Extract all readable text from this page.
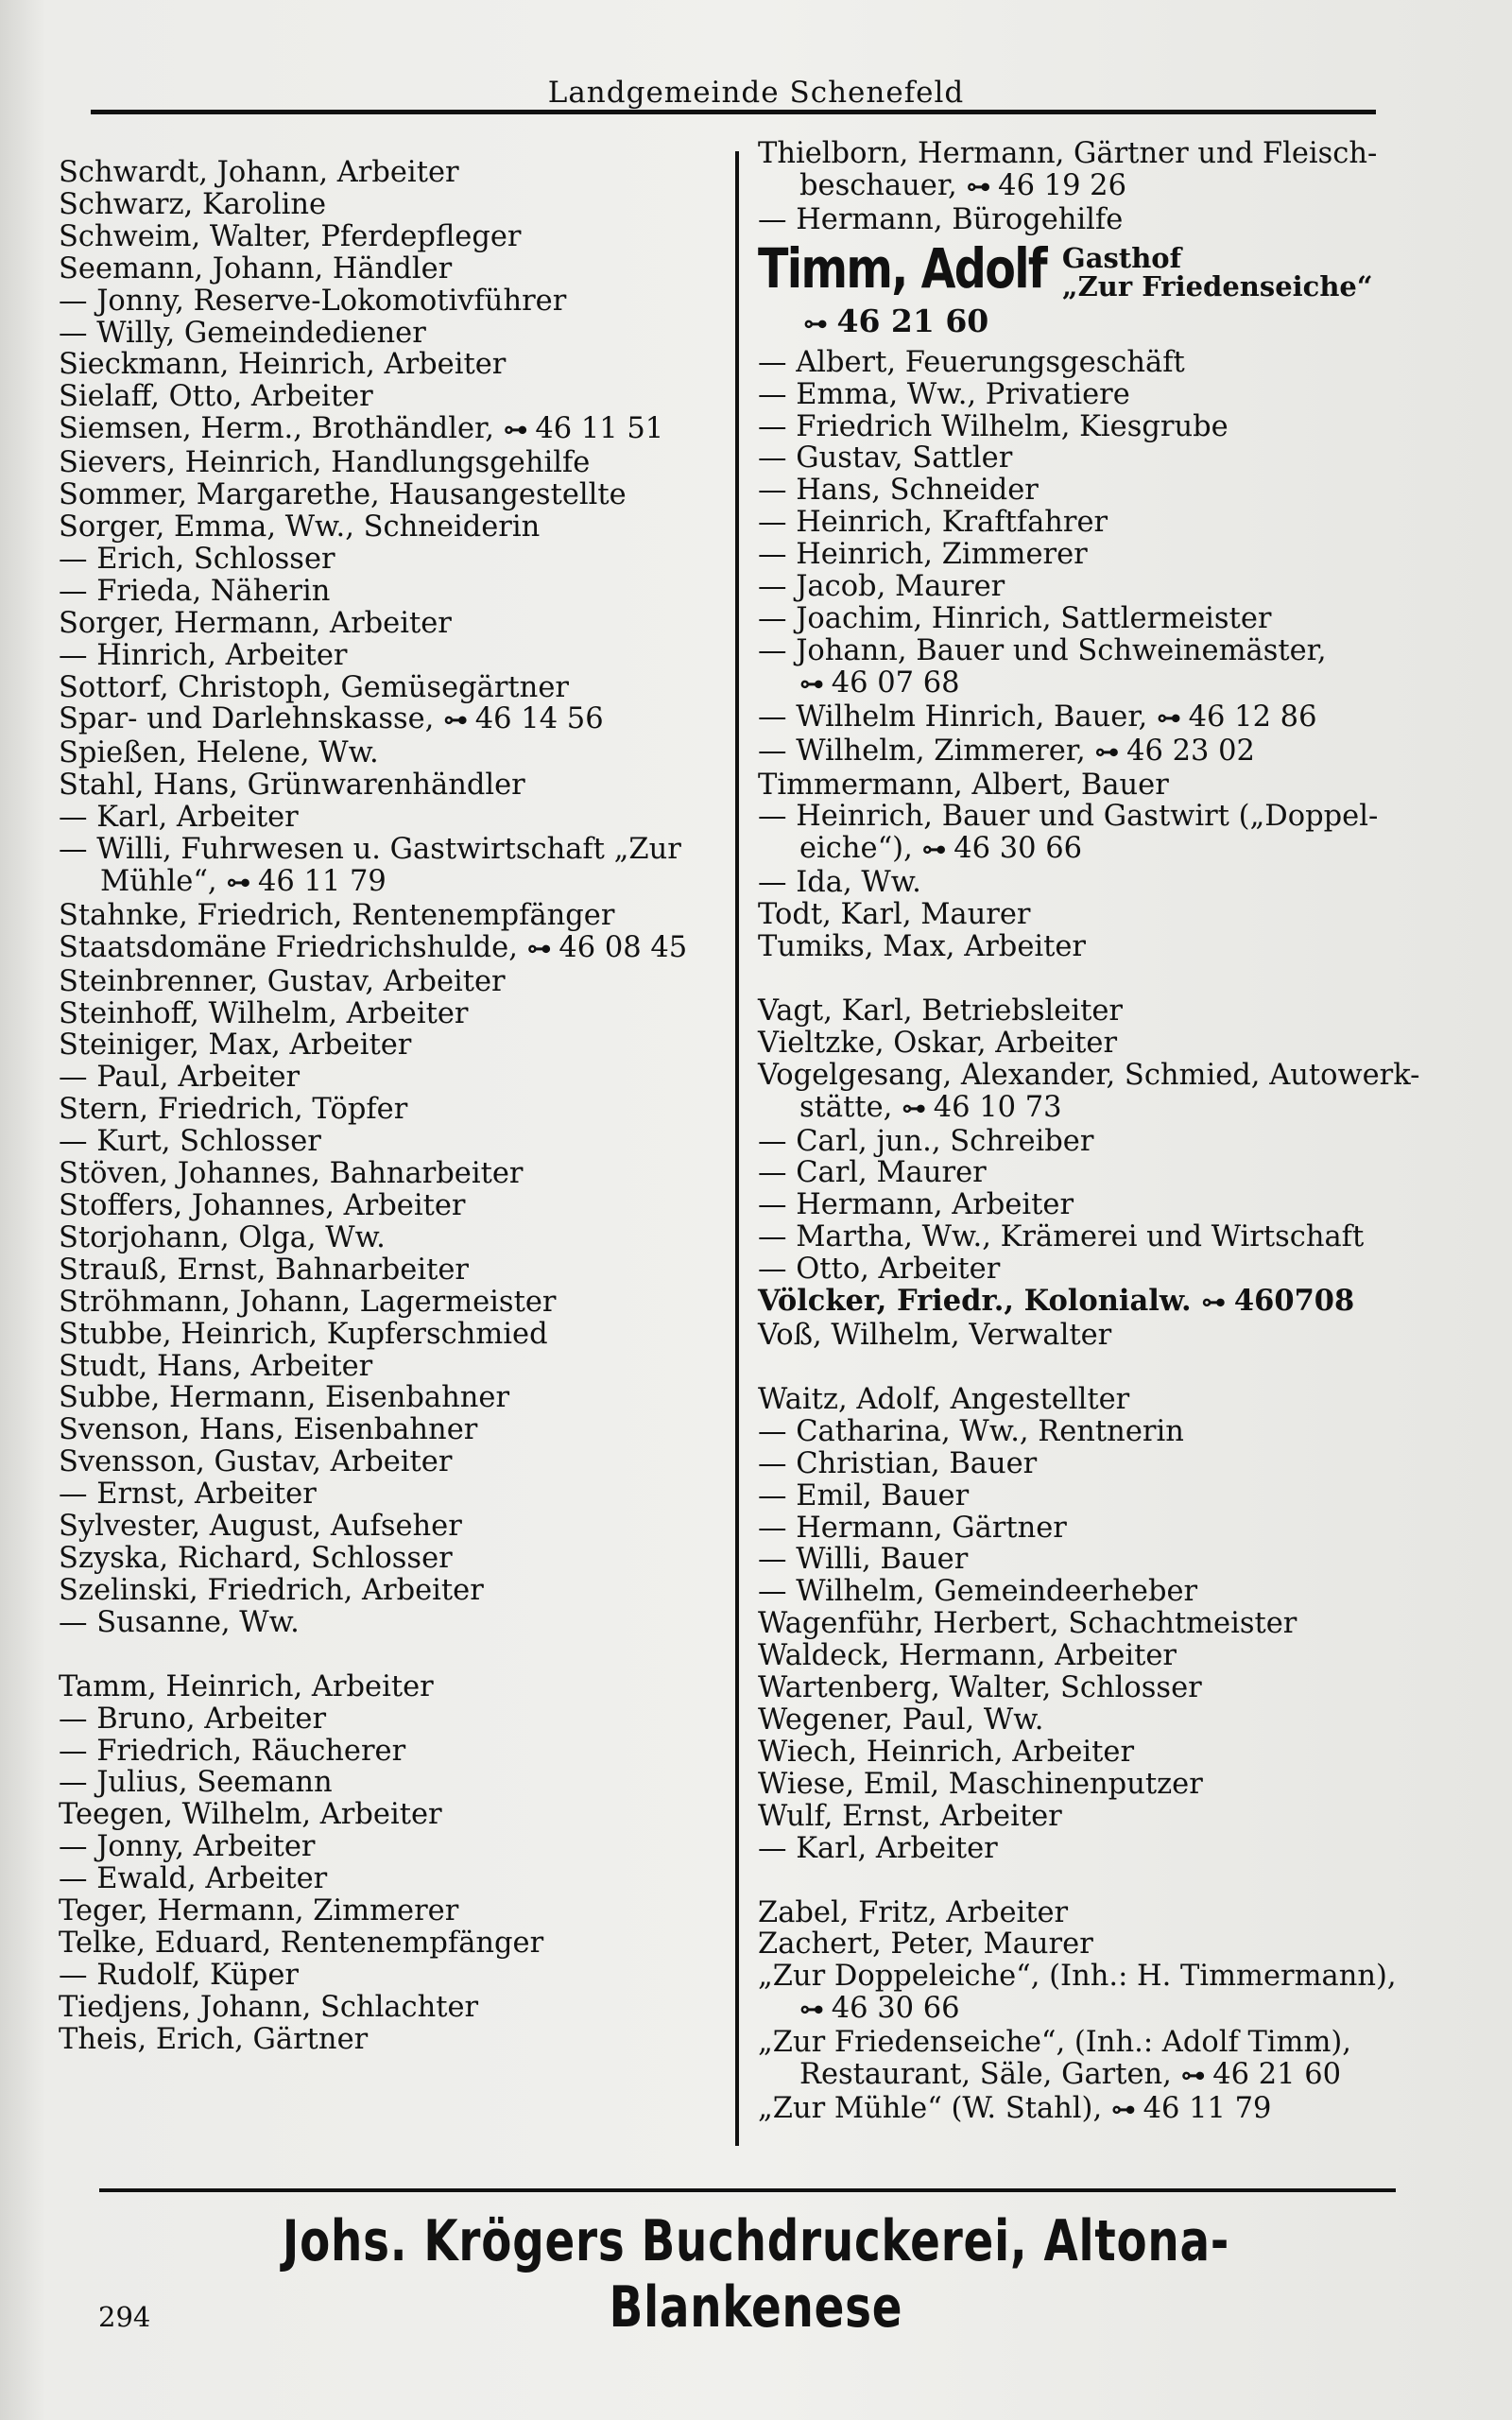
Landgemeinde Schenefeld

Schwardt, Johann, Arbeiter

Schwarz, Karoline

Schweim, Walter, Pferdepfleger

Seemann, Johann, Händler

— Jonny, Reserve-Lokomotivführer

— Willy, Gemeindediener

Sieckmann, Heinrich, Arbeiter

Sielaff, Otto, Arbeiter

Siemsen, Herm., Brothändler, ⊶ 46 11 51

Sievers, Heinrich, Handlungsgehilfe

Sommer, Margarethe, Hausangestellte

Sorger, Emma, Ww., Schneiderin

— Erich, Schlosser

— Frieda, Näherin

Sorger, Hermann, Arbeiter

— Hinrich, Arbeiter

Sottorf, Christoph, Gemüsegärtner

Spar- und Darlehnskasse, ⊶ 46 14 56

Spießen, Helene, Ww.

Stahl, Hans, Grünwarenhändler

— Karl, Arbeiter

— Willi, Fuhrwesen u. Gastwirtschaft „Zur

Mühle“, ⊶ 46 11 79

Stahnke, Friedrich, Rentenempfänger

Staatsdomäne Friedrichshulde, ⊶ 46 08 45

Steinbrenner, Gustav, Arbeiter

Steinhoff, Wilhelm, Arbeiter

Steiniger, Max, Arbeiter

— Paul, Arbeiter

Stern, Friedrich, Töpfer

— Kurt, Schlosser

Stöven, Johannes, Bahnarbeiter

Stoffers, Johannes, Arbeiter

Storjohann, Olga, Ww.

Strauß, Ernst, Bahnarbeiter

Ströhmann, Johann, Lagermeister

Stubbe, Heinrich, Kupferschmied

Studt, Hans, Arbeiter

Subbe, Hermann, Eisenbahner

Svenson, Hans, Eisenbahner

Svensson, Gustav, Arbeiter

— Ernst, Arbeiter

Sylvester, August, Aufseher

Szyska, Richard, Schlosser

Szelinski, Friedrich, Arbeiter

— Susanne, Ww.

Tamm, Heinrich, Arbeiter

— Bruno, Arbeiter

— Friedrich, Räucherer

— Julius, Seemann

Teegen, Wilhelm, Arbeiter

— Jonny, Arbeiter

— Ewald, Arbeiter

Teger, Hermann, Zimmerer

Telke, Eduard, Rentenempfänger

— Rudolf, Küper

Tiedjens, Johann, Schlachter

Theis, Erich, Gärtner

Thielborn, Hermann, Gärtner und Fleisch-

beschauer, ⊶ 46 19 26

— Hermann, Bürogehilfe

Timm, Adolf Gasthof
„Zur Friedenseiche“
⊶ 46 21 60

— Albert, Feuerungsgeschäft

— Emma, Ww., Privatiere

— Friedrich Wilhelm, Kiesgrube

— Gustav, Sattler

— Hans, Schneider

— Heinrich, Kraftfahrer

— Heinrich, Zimmerer

— Jacob, Maurer

— Joachim, Hinrich, Sattlermeister

— Johann, Bauer und Schweinemäster,

⊶ 46 07 68

— Wilhelm Hinrich, Bauer, ⊶ 46 12 86

— Wilhelm, Zimmerer, ⊶ 46 23 02

Timmermann, Albert, Bauer

— Heinrich, Bauer und Gastwirt („Doppel-

eiche“), ⊶ 46 30 66

— Ida, Ww.

Todt, Karl, Maurer

Tumiks, Max, Arbeiter

Vagt, Karl, Betriebsleiter

Vieltzke, Oskar, Arbeiter

Vogelgesang, Alexander, Schmied, Autowerk-

stätte, ⊶ 46 10 73

— Carl, jun., Schreiber

— Carl, Maurer

— Hermann, Arbeiter

— Martha, Ww., Krämerei und Wirtschaft

— Otto, Arbeiter

Völcker, Friedr., Kolonialw. ⊶ 460708

Voß, Wilhelm, Verwalter

Waitz, Adolf, Angestellter

— Catharina, Ww., Rentnerin

— Christian, Bauer

— Emil, Bauer

— Hermann, Gärtner

— Willi, Bauer

— Wilhelm, Gemeindeerheber

Wagenführ, Herbert, Schachtmeister

Waldeck, Hermann, Arbeiter

Wartenberg, Walter, Schlosser

Wegener, Paul, Ww.

Wiech, Heinrich, Arbeiter

Wiese, Emil, Maschinenputzer

Wulf, Ernst, Arbeiter

— Karl, Arbeiter

Zabel, Fritz, Arbeiter

Zachert, Peter, Maurer

„Zur Doppeleiche“, (Inh.: H. Timmermann),

⊶ 46 30 66

„Zur Friedenseiche“, (Inh.: Adolf Timm),

Restaurant, Säle, Garten, ⊶ 46 21 60

„Zur Mühle“ (W. Stahl), ⊶ 46 11 79

Johs. Krögers Buchdruckerei, Altona-Blankenese
294
